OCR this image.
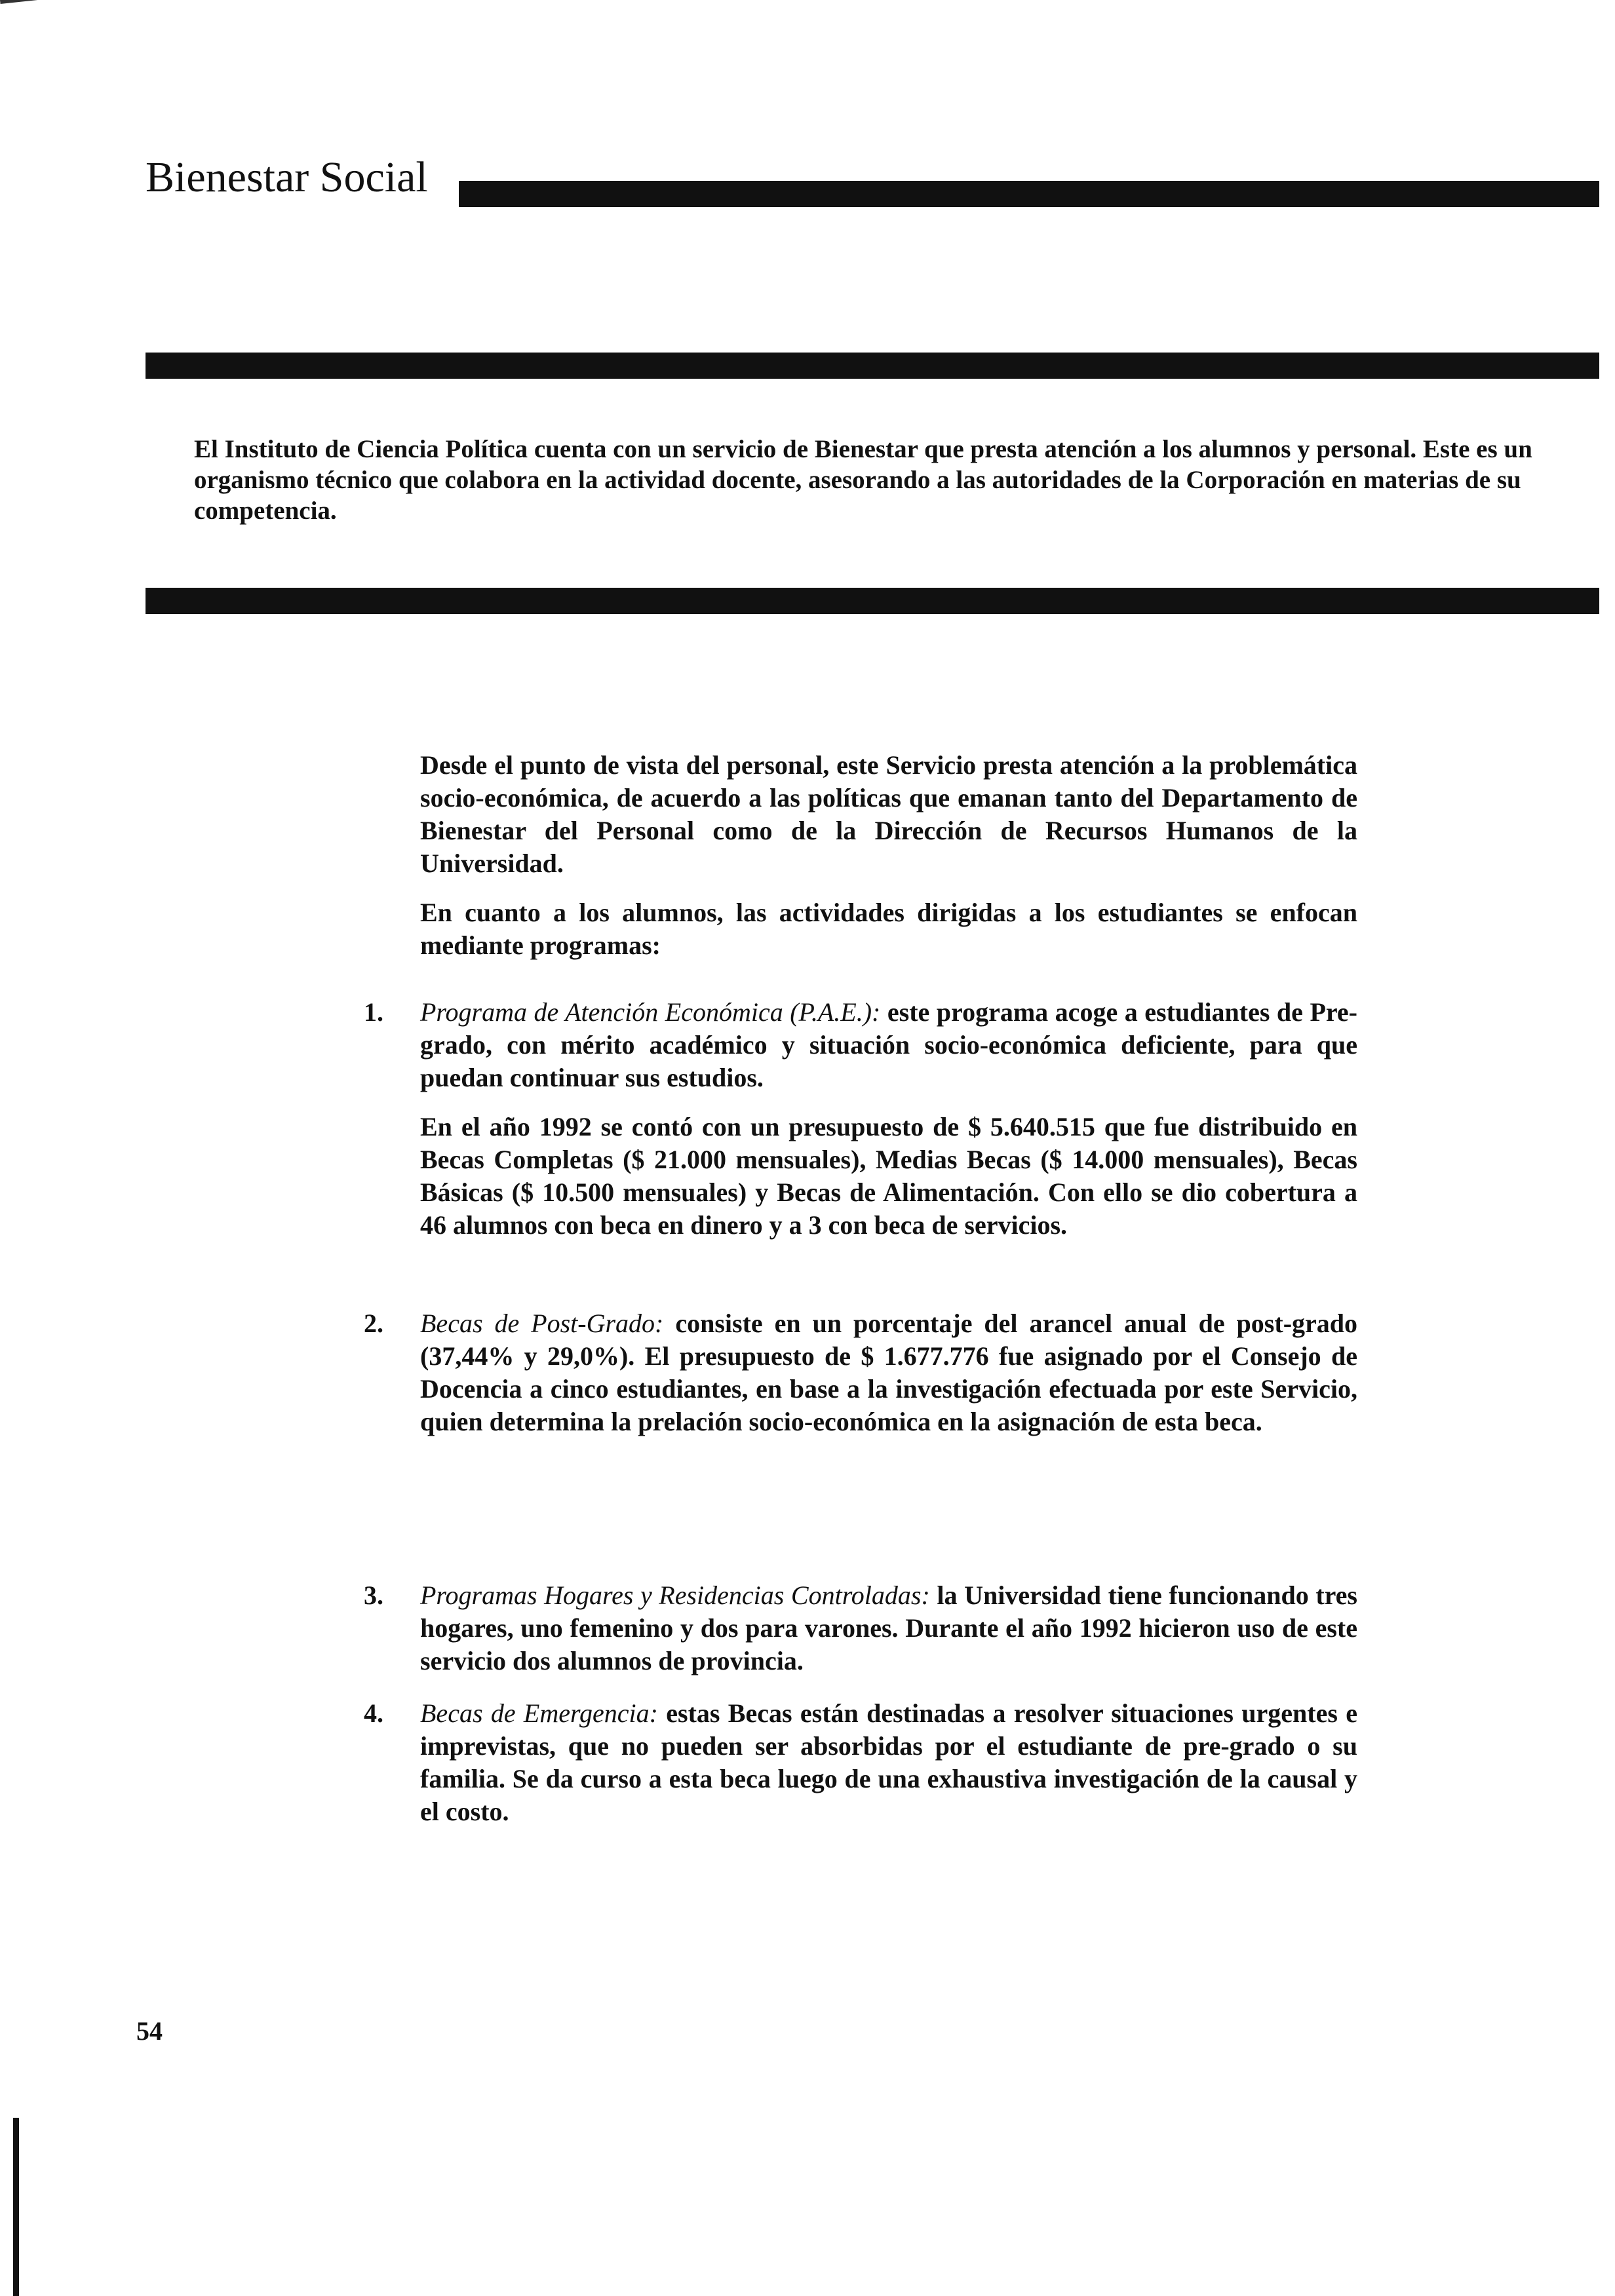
Bienestar Social

El Instituto de Ciencia Política cuenta con un servicio de Bienestar que presta atención a los alumnos y personal. Este es un organismo técnico que colabora en la actividad docente, asesorando a las autoridades de la Corporación en materias de su competencia.

Desde el punto de vista del personal, este Servicio presta atención a la problemática socio-económica, de acuerdo a las políticas que emanan tanto del Departamento de Bienestar del Personal como de la Dirección de Recursos Humanos de la Universidad.

En cuanto a los alumnos, las actividades dirigidas a los estudiantes se enfocan mediante programas:

1.	Programa de Atención Económica (P.A.E.): este programa acoge a estudiantes de Pre-grado, con mérito académico y situación socio-económica deficiente, para que puedan continuar sus estudios.

En el año 1992 se contó con un presupuesto de $ 5.640.515 que fue distribuido en Becas Completas ($ 21.000 mensuales), Medias Becas ($ 14.000 mensuales), Becas Básicas ($ 10.500 mensuales) y Becas de Alimentación. Con ello se dio cobertura a 46 alumnos con beca en dinero y a 3 con beca de servicios.

2.	Becas de Post-Grado: consiste en un porcentaje del arancel anual de post-grado (37,44% y 29,0%). El presupuesto de $ 1.677.776 fue asignado por el Consejo de Docencia a cinco estudiantes, en base a la investigación efectuada por este Servicio, quien determina la prelación socio-económica en la asignación de esta beca.

3.	Programas Hogares y Residencias Controladas: la Universidad tiene funcionando tres hogares, uno femenino y dos para varones. Durante el año 1992 hicieron uso de este servicio dos alumnos de provincia.

4.	Becas de Emergencia: estas Becas están destinadas a resolver situaciones urgentes e imprevistas, que no pueden ser absorbidas por el estudiante de pre-grado o su familia. Se da curso a esta beca luego de una exhaustiva investigación de la causal y el costo.

54
